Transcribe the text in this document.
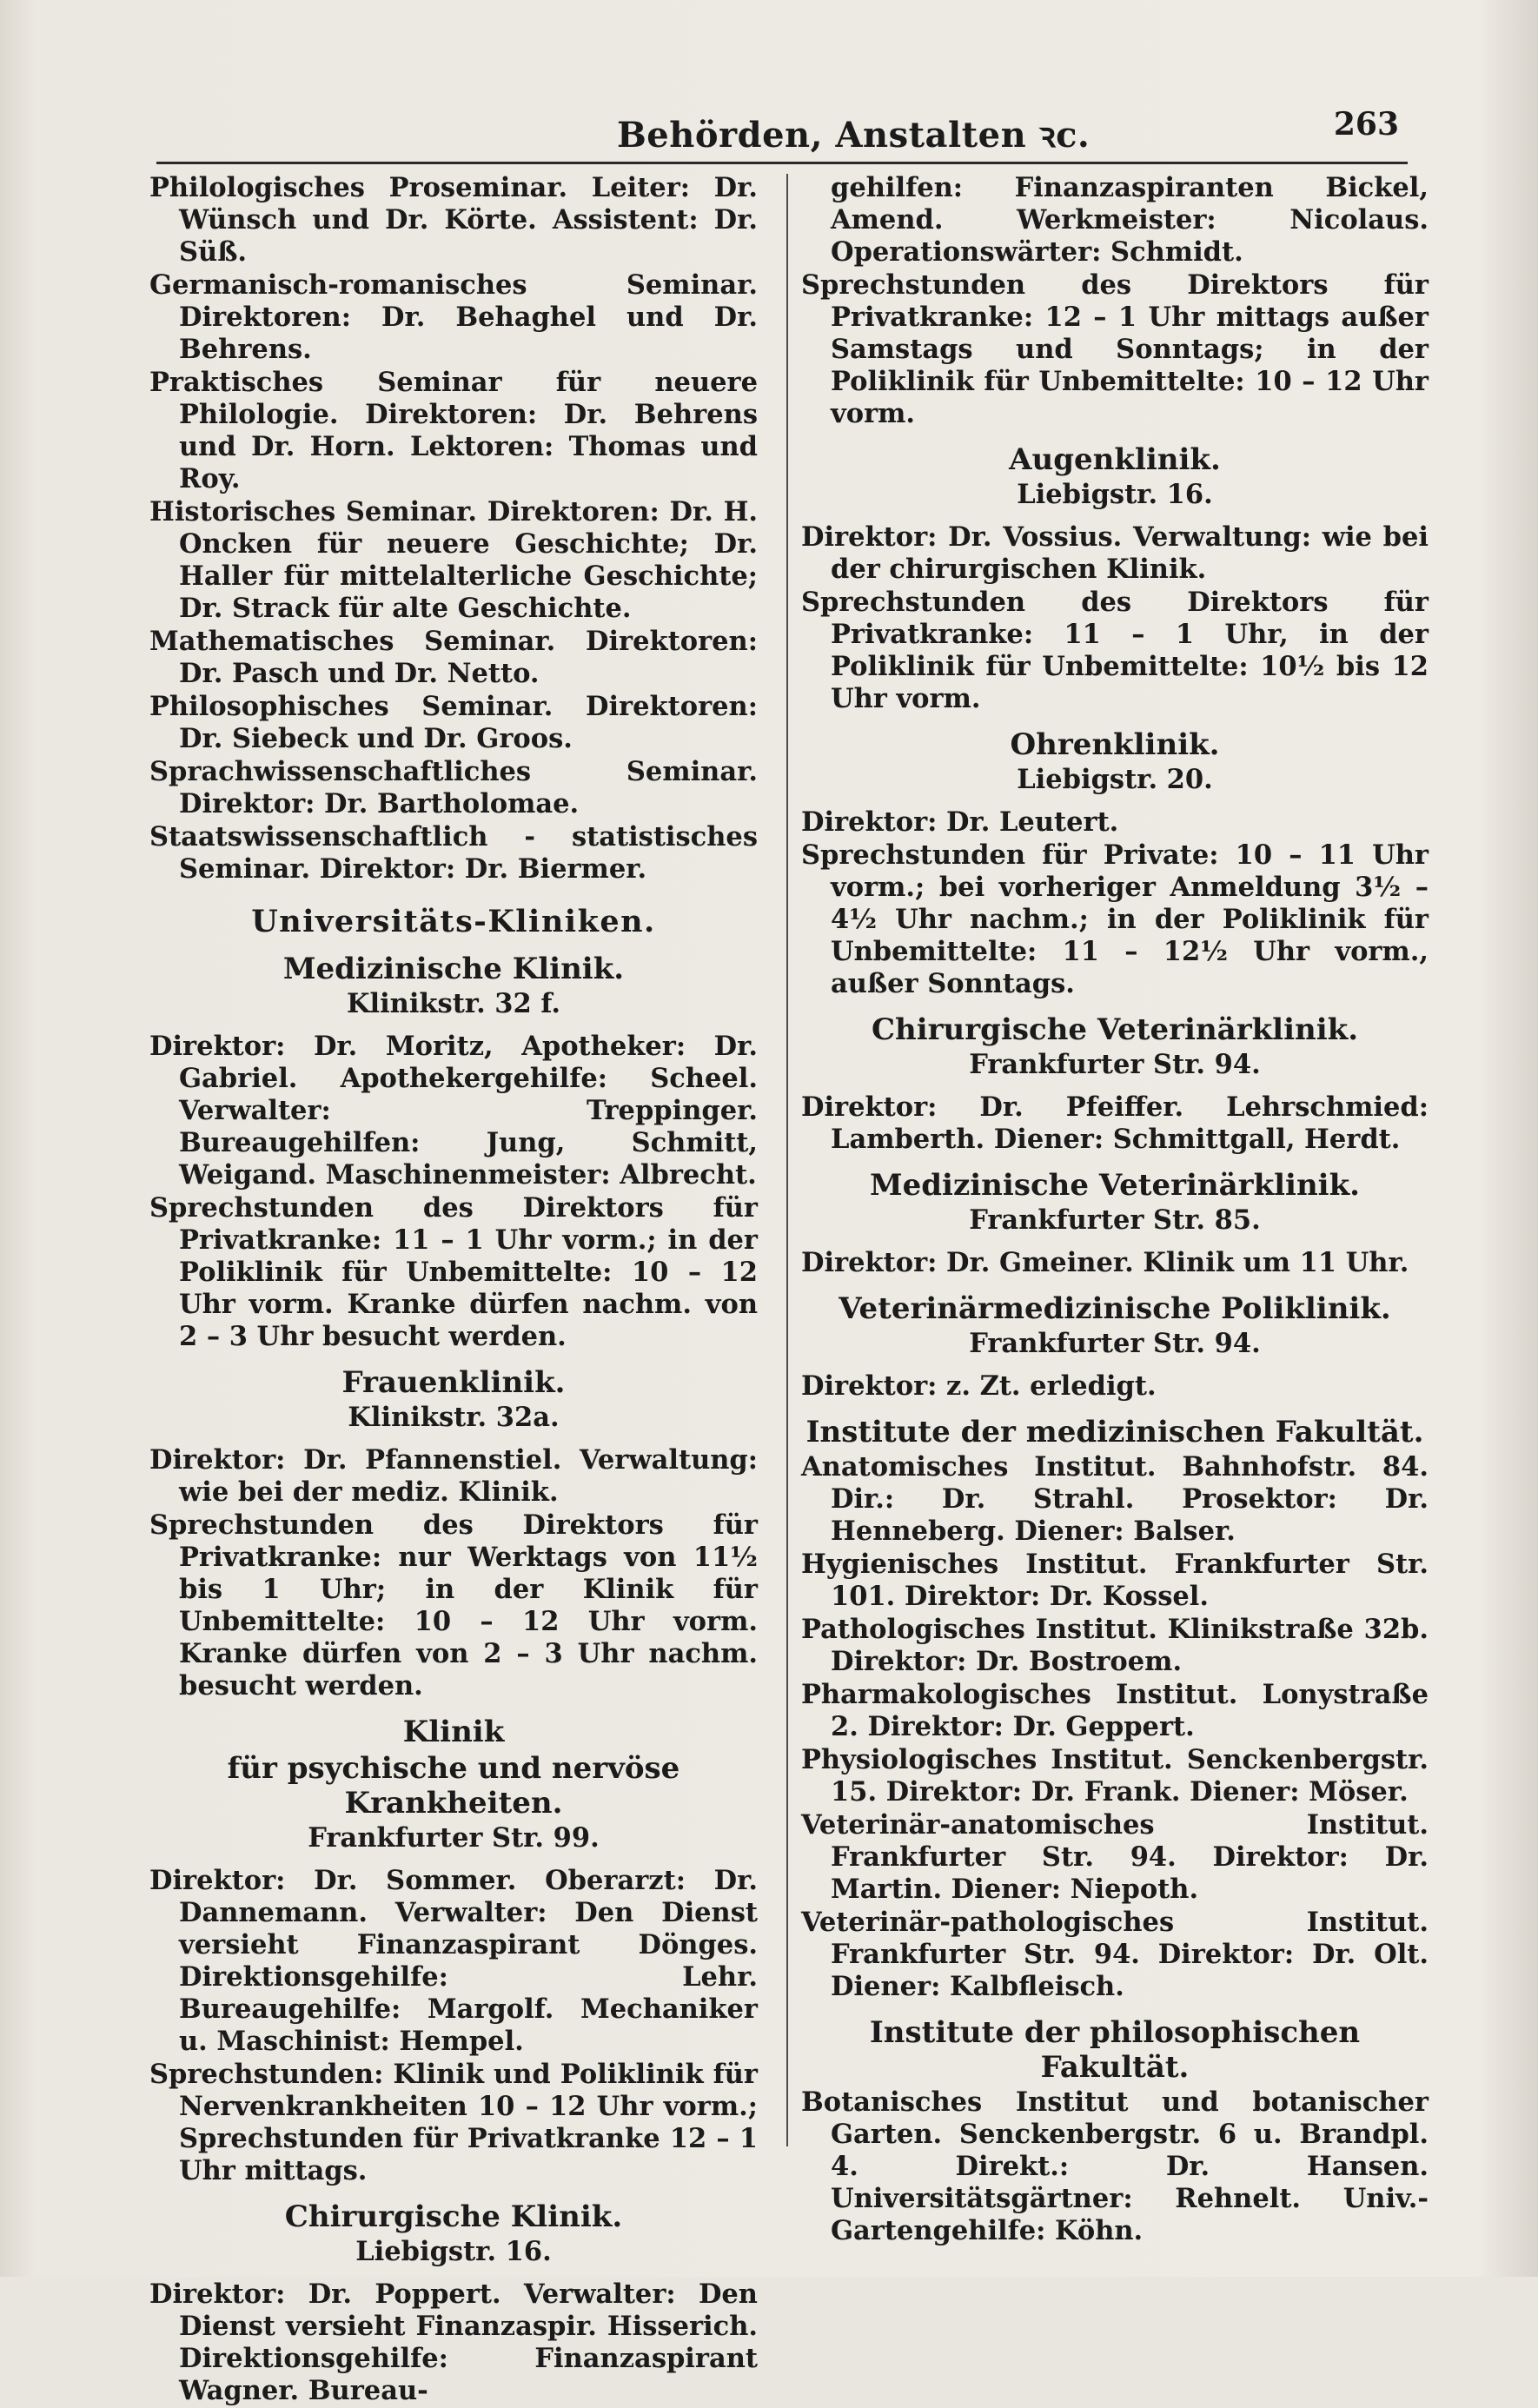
Behörden, Anstalten ꝛc.	263
Philologisches Proseminar. Leiter: Dr. Wünsch und Dr. Körte. Assistent: Dr. Süß.
Germanisch-romanisches Seminar. Direktoren: Dr. Behaghel und Dr. Behrens.
Praktisches Seminar für neuere Philologie. Direktoren: Dr. Behrens und Dr. Horn. Lektoren: Thomas und Roy.
Historisches Seminar. Direktoren: Dr. H. Oncken für neuere Geschichte; Dr. Haller für mittelalterliche Geschichte; Dr. Strack für alte Geschichte.
Mathematisches Seminar. Direktoren: Dr. Pasch und Dr. Netto.
Philosophisches Seminar. Direktoren: Dr. Siebeck und Dr. Groos.
Sprachwissenschaftliches Seminar. Direktor: Dr. Bartholomae.
Staatswissenschaftlich - statistisches Seminar. Direktor: Dr. Biermer.
Universitäts-Kliniken.
Medizinische Klinik.
Klinikstr. 32 f.
Direktor: Dr. Moritz, Apotheker: Dr. Gabriel. Apothekergehilfe: Scheel. Verwalter: Treppinger. Bureaugehilfen: Jung, Schmitt, Weigand. Maschinenmeister: Albrecht.
Sprechstunden des Direktors für Privatkranke: 11 – 1 Uhr vorm.; in der Poliklinik für Unbemittelte: 10 – 12 Uhr vorm. Kranke dürfen nachm. von 2 – 3 Uhr besucht werden.
Frauenklinik.
Klinikstr. 32a.
Direktor: Dr. Pfannenstiel. Verwaltung: wie bei der mediz. Klinik.
Sprechstunden des Direktors für Privatkranke: nur Werktags von 11½ bis 1 Uhr; in der Klinik für Unbemittelte: 10 – 12 Uhr vorm. Kranke dürfen von 2 – 3 Uhr nachm. besucht werden.
Klinik
für psychische und nervöse Krankheiten.
Frankfurter Str. 99.
Direktor: Dr. Sommer. Oberarzt: Dr. Dannemann. Verwalter: Den Dienst versieht Finanzaspirant Dönges. Direktionsgehilfe: Lehr. Bureaugehilfe: Margolf. Mechaniker u. Maschinist: Hempel.
Sprechstunden: Klinik und Poliklinik für Nervenkrankheiten 10 – 12 Uhr vorm.; Sprechstunden für Privatkranke 12 – 1 Uhr mittags.
Chirurgische Klinik.
Liebigstr. 16.
Direktor: Dr. Poppert. Verwalter: Den Dienst versieht Finanzaspir. Hisserich. Direktionsgehilfe: Finanzaspirant Wagner. Bureau-
gehilfen: Finanzaspiranten Bickel, Amend. Werkmeister: Nicolaus. Operationswärter: Schmidt.
Sprechstunden des Direktors für Privatkranke: 12 – 1 Uhr mittags außer Samstags und Sonntags; in der Poliklinik für Unbemittelte: 10 – 12 Uhr vorm.
Augenklinik.
Liebigstr. 16.
Direktor: Dr. Vossius. Verwaltung: wie bei der chirurgischen Klinik.
Sprechstunden des Direktors für Privatkranke: 11 – 1 Uhr, in der Poliklinik für Unbemittelte: 10½ bis 12 Uhr vorm.
Ohrenklinik.
Liebigstr. 20.
Direktor: Dr. Leutert.
Sprechstunden für Private: 10 – 11 Uhr vorm.; bei vorheriger Anmeldung 3½ – 4½ Uhr nachm.; in der Poliklinik für Unbemittelte: 11 – 12½ Uhr vorm., außer Sonntags.
Chirurgische Veterinärklinik.
Frankfurter Str. 94.
Direktor: Dr. Pfeiffer. Lehrschmied: Lamberth. Diener: Schmittgall, Herdt.
Medizinische Veterinärklinik.
Frankfurter Str. 85.
Direktor: Dr. Gmeiner. Klinik um 11 Uhr.
Veterinärmedizinische Poliklinik.
Frankfurter Str. 94.
Direktor: z. Zt. erledigt.
Institute der medizinischen Fakultät.
Anatomisches Institut. Bahnhofstr. 84. Dir.: Dr. Strahl. Prosektor: Dr. Henneberg. Diener: Balser.
Hygienisches Institut. Frankfurter Str. 101. Direktor: Dr. Kossel.
Pathologisches Institut. Klinikstraße 32b. Direktor: Dr. Bostroem.
Pharmakologisches Institut. Lonystraße 2. Direktor: Dr. Geppert.
Physiologisches Institut. Senckenbergstr. 15. Direktor: Dr. Frank. Diener: Möser.
Veterinär-anatomisches Institut. Frankfurter Str. 94. Direktor: Dr. Martin. Diener: Niepoth.
Veterinär-pathologisches Institut. Frankfurter Str. 94. Direktor: Dr. Olt. Diener: Kalbfleisch.
Institute der philosophischen Fakultät.
Botanisches Institut und botanischer Garten. Senckenbergstr. 6 u. Brandpl. 4. Direkt.: Dr. Hansen. Universitätsgärtner: Rehnelt. Univ.-Gartengehilfe: Köhn.
